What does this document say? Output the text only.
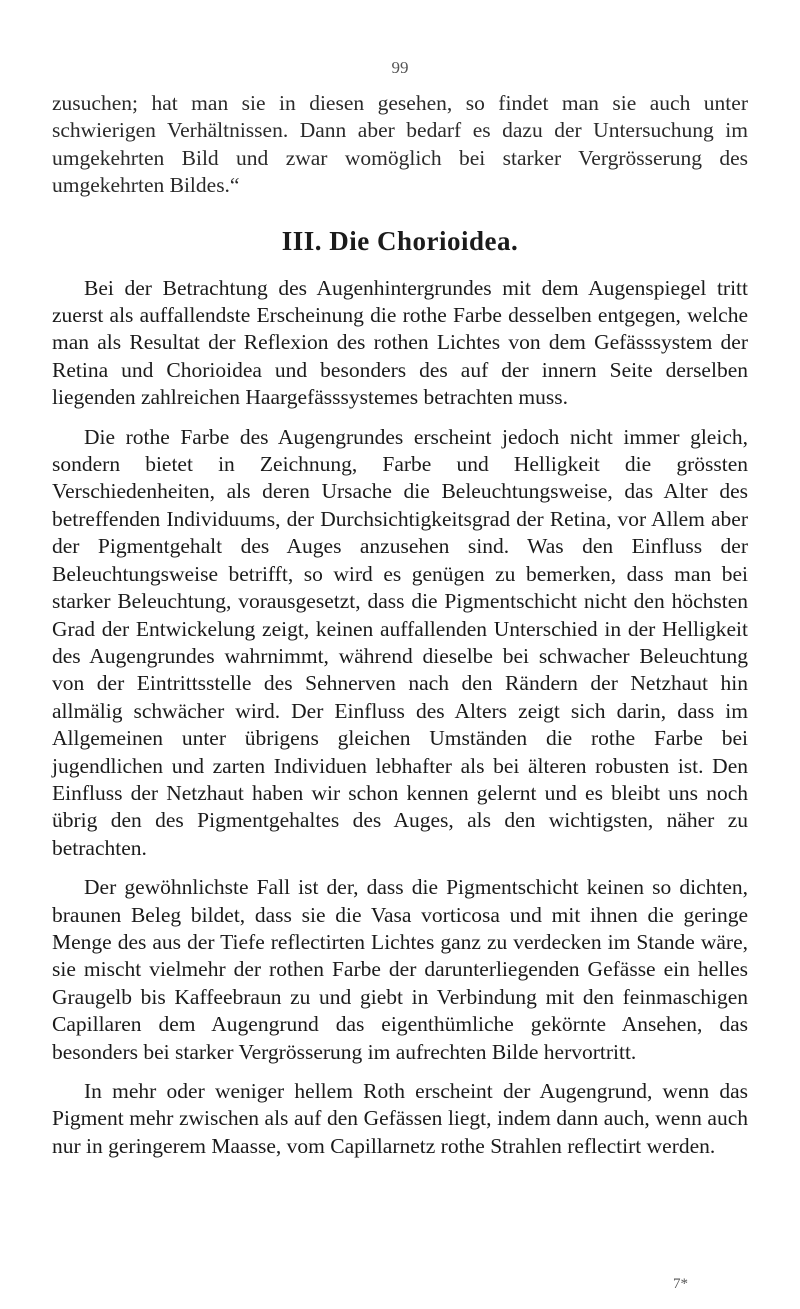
99

zusuchen; hat man sie in diesen gesehen, so findet man sie auch unter schwierigen Verhältnissen. Dann aber bedarf es dazu der Untersuchung im umgekehrten Bild und zwar womöglich bei starker Vergrösserung des umgekehrten Bildes.“

III. Die Chorioidea.

Bei der Betrachtung des Augenhintergrundes mit dem Augenspiegel tritt zuerst als auffallendste Erscheinung die rothe Farbe desselben entgegen, welche man als Resultat der Reflexion des rothen Lichtes von dem Gefässsystem der Retina und Chorioidea und besonders des auf der innern Seite derselben liegenden zahlreichen Haargefässsystemes betrachten muss.

Die rothe Farbe des Augengrundes erscheint jedoch nicht immer gleich, sondern bietet in Zeichnung, Farbe und Helligkeit die grössten Verschiedenheiten, als deren Ursache die Beleuchtungsweise, das Alter des betreffenden Individuums, der Durchsichtigkeitsgrad der Retina, vor Allem aber der Pigmentgehalt des Auges anzusehen sind. Was den Einfluss der Beleuchtungsweise betrifft, so wird es genügen zu bemerken, dass man bei starker Beleuchtung, vorausgesetzt, dass die Pigmentschicht nicht den höchsten Grad der Entwickelung zeigt, keinen auffallenden Unterschied in der Helligkeit des Augengrundes wahrnimmt, während dieselbe bei schwacher Beleuchtung von der Eintrittsstelle des Sehnerven nach den Rändern der Netzhaut hin allmälig schwächer wird. Der Einfluss des Alters zeigt sich darin, dass im Allgemeinen unter übrigens gleichen Umständen die rothe Farbe bei jugendlichen und zarten Individuen lebhafter als bei älteren robusten ist. Den Einfluss der Netzhaut haben wir schon kennen gelernt und es bleibt uns noch übrig den des Pigmentgehaltes des Auges, als den wichtigsten, näher zu betrachten.

Der gewöhnlichste Fall ist der, dass die Pigmentschicht keinen so dichten, braunen Beleg bildet, dass sie die Vasa vorticosa und mit ihnen die geringe Menge des aus der Tiefe reflectirten Lichtes ganz zu verdecken im Stande wäre, sie mischt vielmehr der rothen Farbe der darunterliegenden Gefässe ein helles Graugelb bis Kaffeebraun zu und giebt in Verbindung mit den feinmaschigen Capillaren dem Augengrund das eigenthümliche gekörnte Ansehen, das besonders bei starker Vergrösserung im aufrechten Bilde hervortritt.

In mehr oder weniger hellem Roth erscheint der Augengrund, wenn das Pigment mehr zwischen als auf den Gefässen liegt, indem dann auch, wenn auch nur in geringerem Maasse, vom Capillarnetz rothe Strahlen reflectirt werden.

7*
